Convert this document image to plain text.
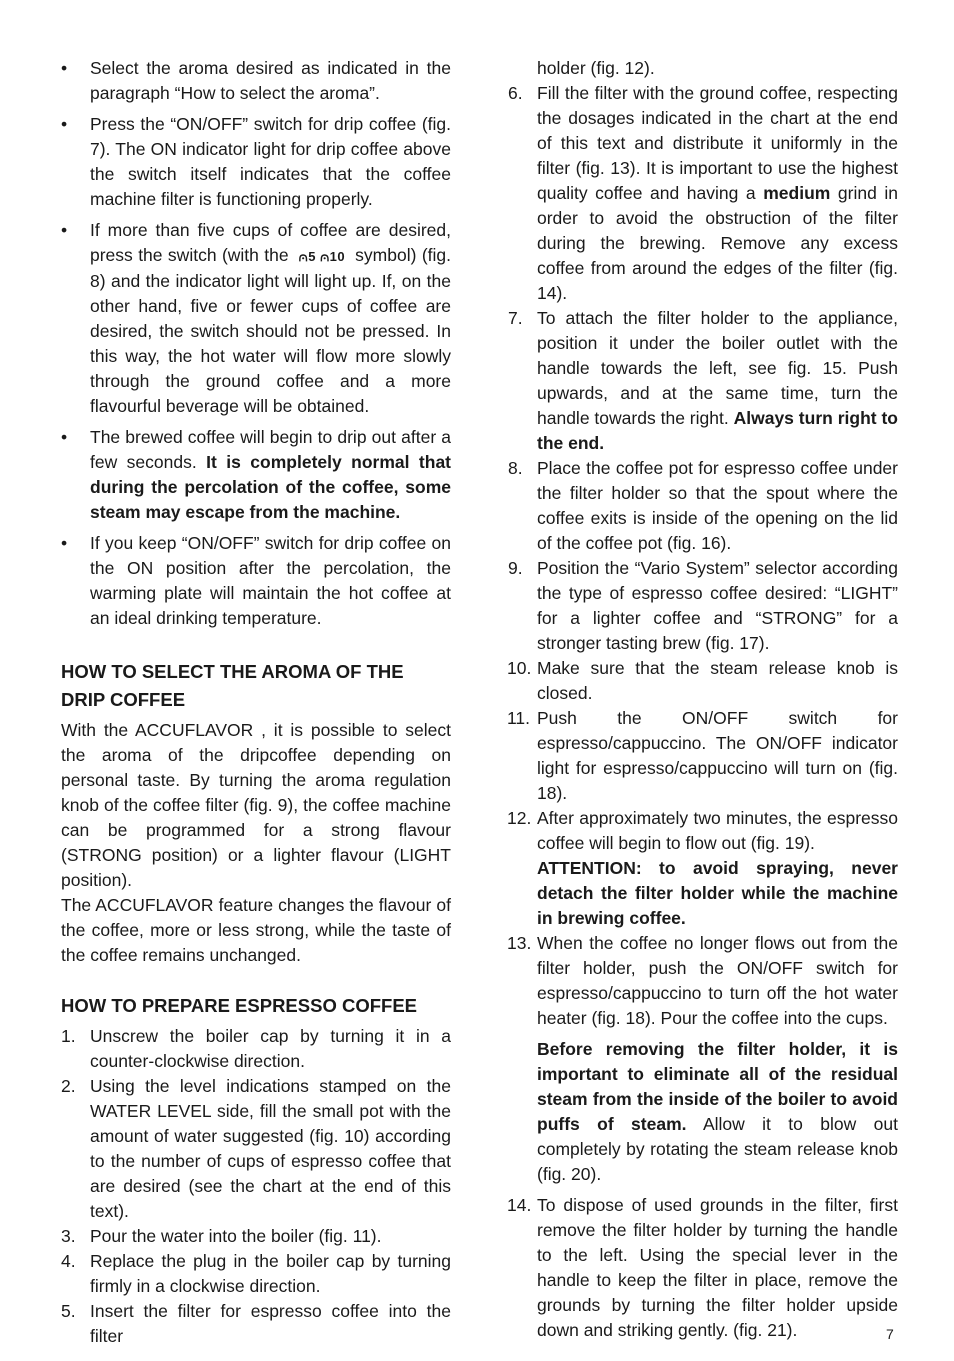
• Select the aroma desired as indicated in the paragraph “How to select the aroma”.
• Press the “ON/OFF” switch for drip coffee (fig. 7). The ON indicator light for drip coffee above the switch itself indicates that the coffee machine filter is functioning properly.
• If more than five cups of coffee are desired, press the switch (with the ⩀5 ⩀10 symbol) (fig. 8) and the indicator light will light up. If, on the other hand, five or fewer cups of coffee are desired, the switch should not be pressed. In this way, the hot water will flow more slowly through the ground coffee and a more flavourful beverage will be obtained.
• The brewed coffee will begin to drip out after a few seconds. It is completely normal that during the percolation of the coffee, some steam may escape from the machine.
• If you keep “ON/OFF” switch for drip coffee on the ON position after the percolation, the warming plate will maintain the hot coffee at an ideal drinking temperature.
HOW TO SELECT THE AROMA OF THE DRIP COFFEE
With the ACCUFLAVOR , it is possible to select the aroma of the dripcoffee depending on personal taste. By turning the aroma regulation knob of the coffee filter (fig. 9), the coffee machine can be programmed for a strong flavour (STRONG position) or a lighter flavour (LIGHT position).
The ACCUFLAVOR feature changes the flavour of the coffee, more or less strong, while the taste of the coffee remains unchanged.
HOW TO PREPARE ESPRESSO COFFEE
1. Unscrew the boiler cap by turning it in a counter-clockwise direction.
2. Using the level indications stamped on the WATER LEVEL side, fill the small pot with the amount of water suggested (fig. 10) according to the number of cups of espresso coffee that are desired (see the chart at the end of this text).
3. Pour the water into the boiler (fig. 11).
4. Replace the plug in the boiler cap by turning firmly in a clockwise direction.
5. Insert the filter for espresso coffee into the filter
holder (fig. 12).
6. Fill the filter with the ground coffee, respecting the dosages indicated in the chart at the end of this text and distribute it uniformly in the filter (fig. 13). It is important to use the highest quality coffee and having a medium grind in order to avoid the obstruction of the filter during the brewing. Remove any excess coffee from around the edges of the filter (fig. 14).
7. To attach the filter holder to the appliance, position it under the boiler outlet with the handle towards the left, see fig. 15. Push upwards, and at the same time, turn the handle towards the right. Always turn right to the end.
8. Place the coffee pot for espresso coffee under the filter holder so that the spout where the coffee exits is inside of the opening on the lid of the coffee pot (fig. 16).
9. Position the “Vario System” selector according the type of espresso coffee desired: “LIGHT” for a lighter coffee and “STRONG” for a stronger tasting brew (fig. 17).
10. Make sure that the steam release knob is closed.
11. Push the ON/OFF switch for espresso/cappuccino. The ON/OFF indicator light for espresso/cappuccino will turn on (fig. 18).
12. After approximately two minutes, the espresso coffee will begin to flow out (fig. 19).
ATTENTION: to avoid spraying, never detach the filter holder while the machine in brewing coffee.
13. When the coffee no longer flows out from the filter holder, push the ON/OFF switch for espresso/cappuccino to turn off the hot water heater (fig. 18). Pour the coffee into the cups.
Before removing the filter holder, it is important to eliminate all of the residual steam from the inside of the boiler to avoid puffs of steam. Allow it to blow out completely by rotating the steam release knob (fig. 20).
14. To dispose of used grounds in the filter, first remove the filter holder by turning the handle to the left. Using the special lever in the handle to keep the filter in place, remove the grounds by turning the filter holder upside down and striking gently. (fig. 21).	7
